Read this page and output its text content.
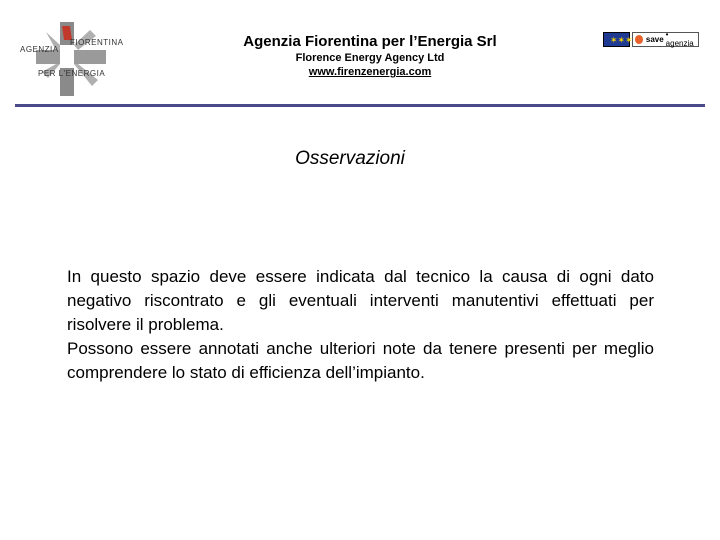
FIORENTINA
AGENZIA
PER L'ENERGIA
Agenzia Fiorentina per l’Energia Srl
Florence Energy Agency Ltd
www.firenzenergia.com
✶✶✶ save • agenzia
Osservazioni

In questo spazio deve essere indicata dal tecnico la causa di ogni dato negativo riscontrato e gli eventuali interventi manutentivi effettuati per risolvere il problema.

Possono essere annotati anche ulteriori note da tenere presenti per meglio comprendere lo stato di efficienza dell’impianto.
